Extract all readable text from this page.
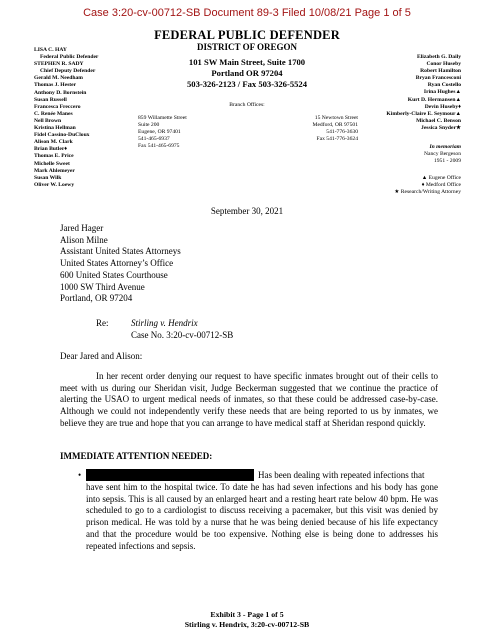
Case 3:20-cv-00712-SB Document 89-3 Filed 10/08/21 Page 1 of 5
FEDERAL PUBLIC DEFENDER
DISTRICT OF OREGON
101 SW Main Street, Suite 1700
Portland OR 97204
503-326-2123 / Fax 503-326-5524
LISA C. HAY
Federal Public Defender
STEPHEN R. SADY
Chief Deputy Defender
Gerald M. Needham
Thomas J. Hester
Anthony D. Bornstein
Susan Russell
Francesca Freccero
C. Renée Manes
Nell Brown
Kristina Hellman
Fidel Cassino-DuCloux
Alison M. Clark
Brian Butler♦
Thomas E. Price
Michelle Sweet
Mark Ahlemeyer
Susan Wilk
Oliver W. Loewy
Elizabeth G. Daily
Conor Huseby
Robert Hamilton
Bryan Francesconi
Ryan Costello
Irina Hughes▲
Kurt D. Hermansen▲
Devin Huseby♦
Kimberly-Claire E. Seymour▲
Michael C. Benson
Jessica Snyder★
Branch Offices:
859 Willamette Street
Suite 200
Eugene, OR 97401
541-465-6937
Fax 541-465-6975
15 Newtown Street
Medford, OR 97501
541-776-3630
Fax 541-776-3624
In memoriam
Nancy Bergeson
1951 - 2009
▲ Eugene Office
♦ Medford Office
★ Research/Writing Attorney
September 30, 2021
Jared Hager
Alison Milne
Assistant United States Attorneys
United States Attorney’s Office
600 United States Courthouse
1000 SW Third Avenue
Portland, OR 97204
Re:	Stirling v. Hendrix
Case No. 3:20-cv-00712-SB
Dear Jared and Alison:
In her recent order denying our request to have specific inmates brought out of their cells to meet with us during our Sheridan visit, Judge Beckerman suggested that we continue the practice of alerting the USAO to urgent medical needs of inmates, so that these could be addressed case-by-case. Although we could not independently verify these needs that are being reported to us by inmates, we believe they are true and hope that you can arrange to have medical staff at Sheridan respond quickly.
IMMEDIATE ATTENTION NEEDED:
•	Has been dealing with repeated infections that
have sent him to the hospital twice. To date he has had seven infections and his body has gone into sepsis. This is all caused by an enlarged heart and a resting heart rate below 40 bpm. He was scheduled to go to a cardiologist to discuss receiving a pacemaker, but this visit was denied by prison medical. He was told by a nurse that he was being denied because of his life expectancy and that the procedure would be too expensive. Nothing else is being done to addresses his repeated infections and sepsis.
Exhibit 3 - Page 1 of 5
Stirling v. Hendrix, 3:20-cv-00712-SB
